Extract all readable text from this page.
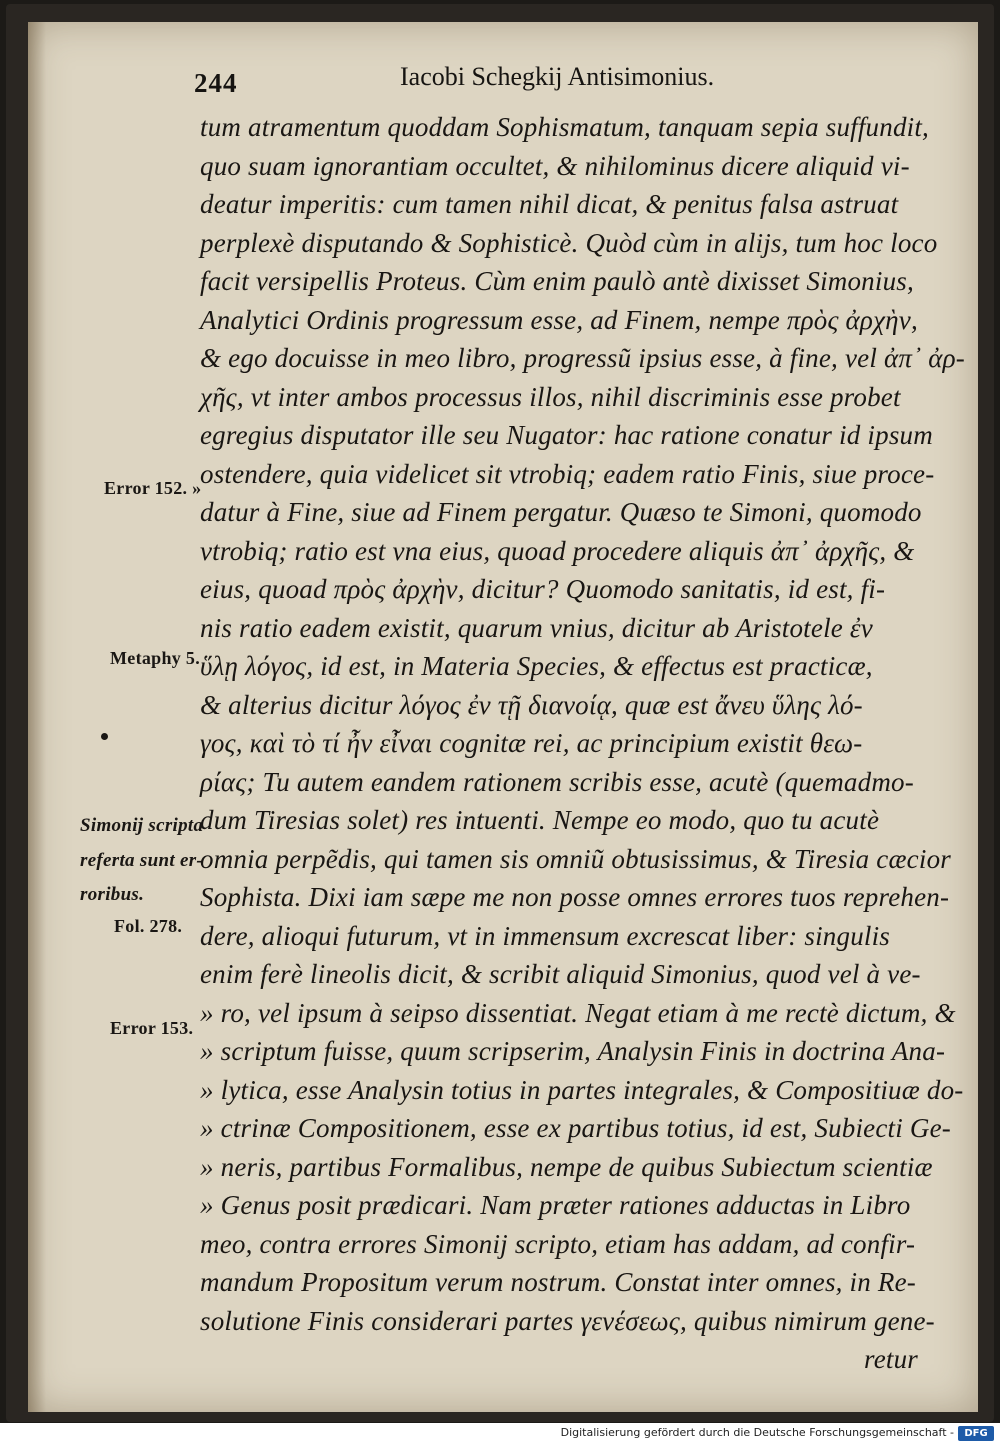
244	Iacobi Schegkij Antisimonius.
Error 152. »
Metaphy 5.
Simonij scripta
referta sunt er-
roribus.
Fol. 278.
Error 153.
tum atramentum quoddam Sophismatum, tanquam sepia suffundit,
quo suam ignorantiam occultet, & nihilominus dicere aliquid vi-
deatur imperitis: cum tamen nihil dicat, & penitus falsa astruat
perplexè disputando & Sophisticè. Quòd cùm in alijs, tum hoc loco
facit versipellis Proteus. Cùm enim paulò antè dixisset Simonius,
Analytici Ordinis progressum esse, ad Finem, nempe πρὸς ἀρχὴν,
& ego docuisse in meo libro, progressũ ipsius esse, à fine, vel ἀπ᾽ ἀρ-
χῆς, vt inter ambos processus illos, nihil discriminis esse probet
egregius disputator ille seu Nugator: hac ratione conatur id ipsum
ostendere, quia videlicet sit vtrobiq; eadem ratio Finis, siue proce-
datur à Fine, siue ad Finem pergatur. Quæso te Simoni, quomodo
vtrobiq; ratio est vna eius, quoad procedere aliquis ἀπ᾽ ἀρχῆς, &
eius, quoad πρὸς ἀρχὴν, dicitur? Quomodo sanitatis, id est, fi-
nis ratio eadem existit, quarum vnius, dicitur ab Aristotele ἐν
ὕλῃ λόγος, id est, in Materia Species, & effectus est practicæ,
& alterius dicitur λόγος ἐν τῇ διανοίᾳ, quæ est ἄνευ ὕλης λό-
γος, καὶ τὸ τί ἦν εἶναι cognitæ rei, ac principium existit θεω-
ρίας; Tu autem eandem rationem scribis esse, acutè (quemadmo-
dum Tiresias solet) res intuenti. Nempe eo modo, quo tu acutè
omnia perpẽdis, qui tamen sis omniũ obtusissimus, & Tiresia cæcior
Sophista. Dixi iam sæpe me non posse omnes errores tuos reprehen-
dere, alioqui futurum, vt in immensum excrescat liber: singulis
enim ferè lineolis dicit, & scribit aliquid Simonius, quod vel à ve-
» ro, vel ipsum à seipso dissentiat. Negat etiam à me rectè dictum, &
» scriptum fuisse, quum scripserim, Analysin Finis in doctrina Ana-
» lytica, esse Analysin totius in partes integrales, & Compositiuæ do-
» ctrinæ Compositionem, esse ex partibus totius, id est, Subiecti Ge-
» neris, partibus Formalibus, nempe de quibus Subiectum scientiæ
» Genus posit prædicari. Nam præter rationes adductas in Libro
meo, contra errores Simonij scripto, etiam has addam, ad confir-
mandum Propositum verum nostrum. Constat inter omnes, in Re-
solutione Finis considerari partes γενέσεως, quibus nimirum gene-
retur
Digitalisierung gefördert durch die Deutsche Forschungsgemeinschaft -	DFG
